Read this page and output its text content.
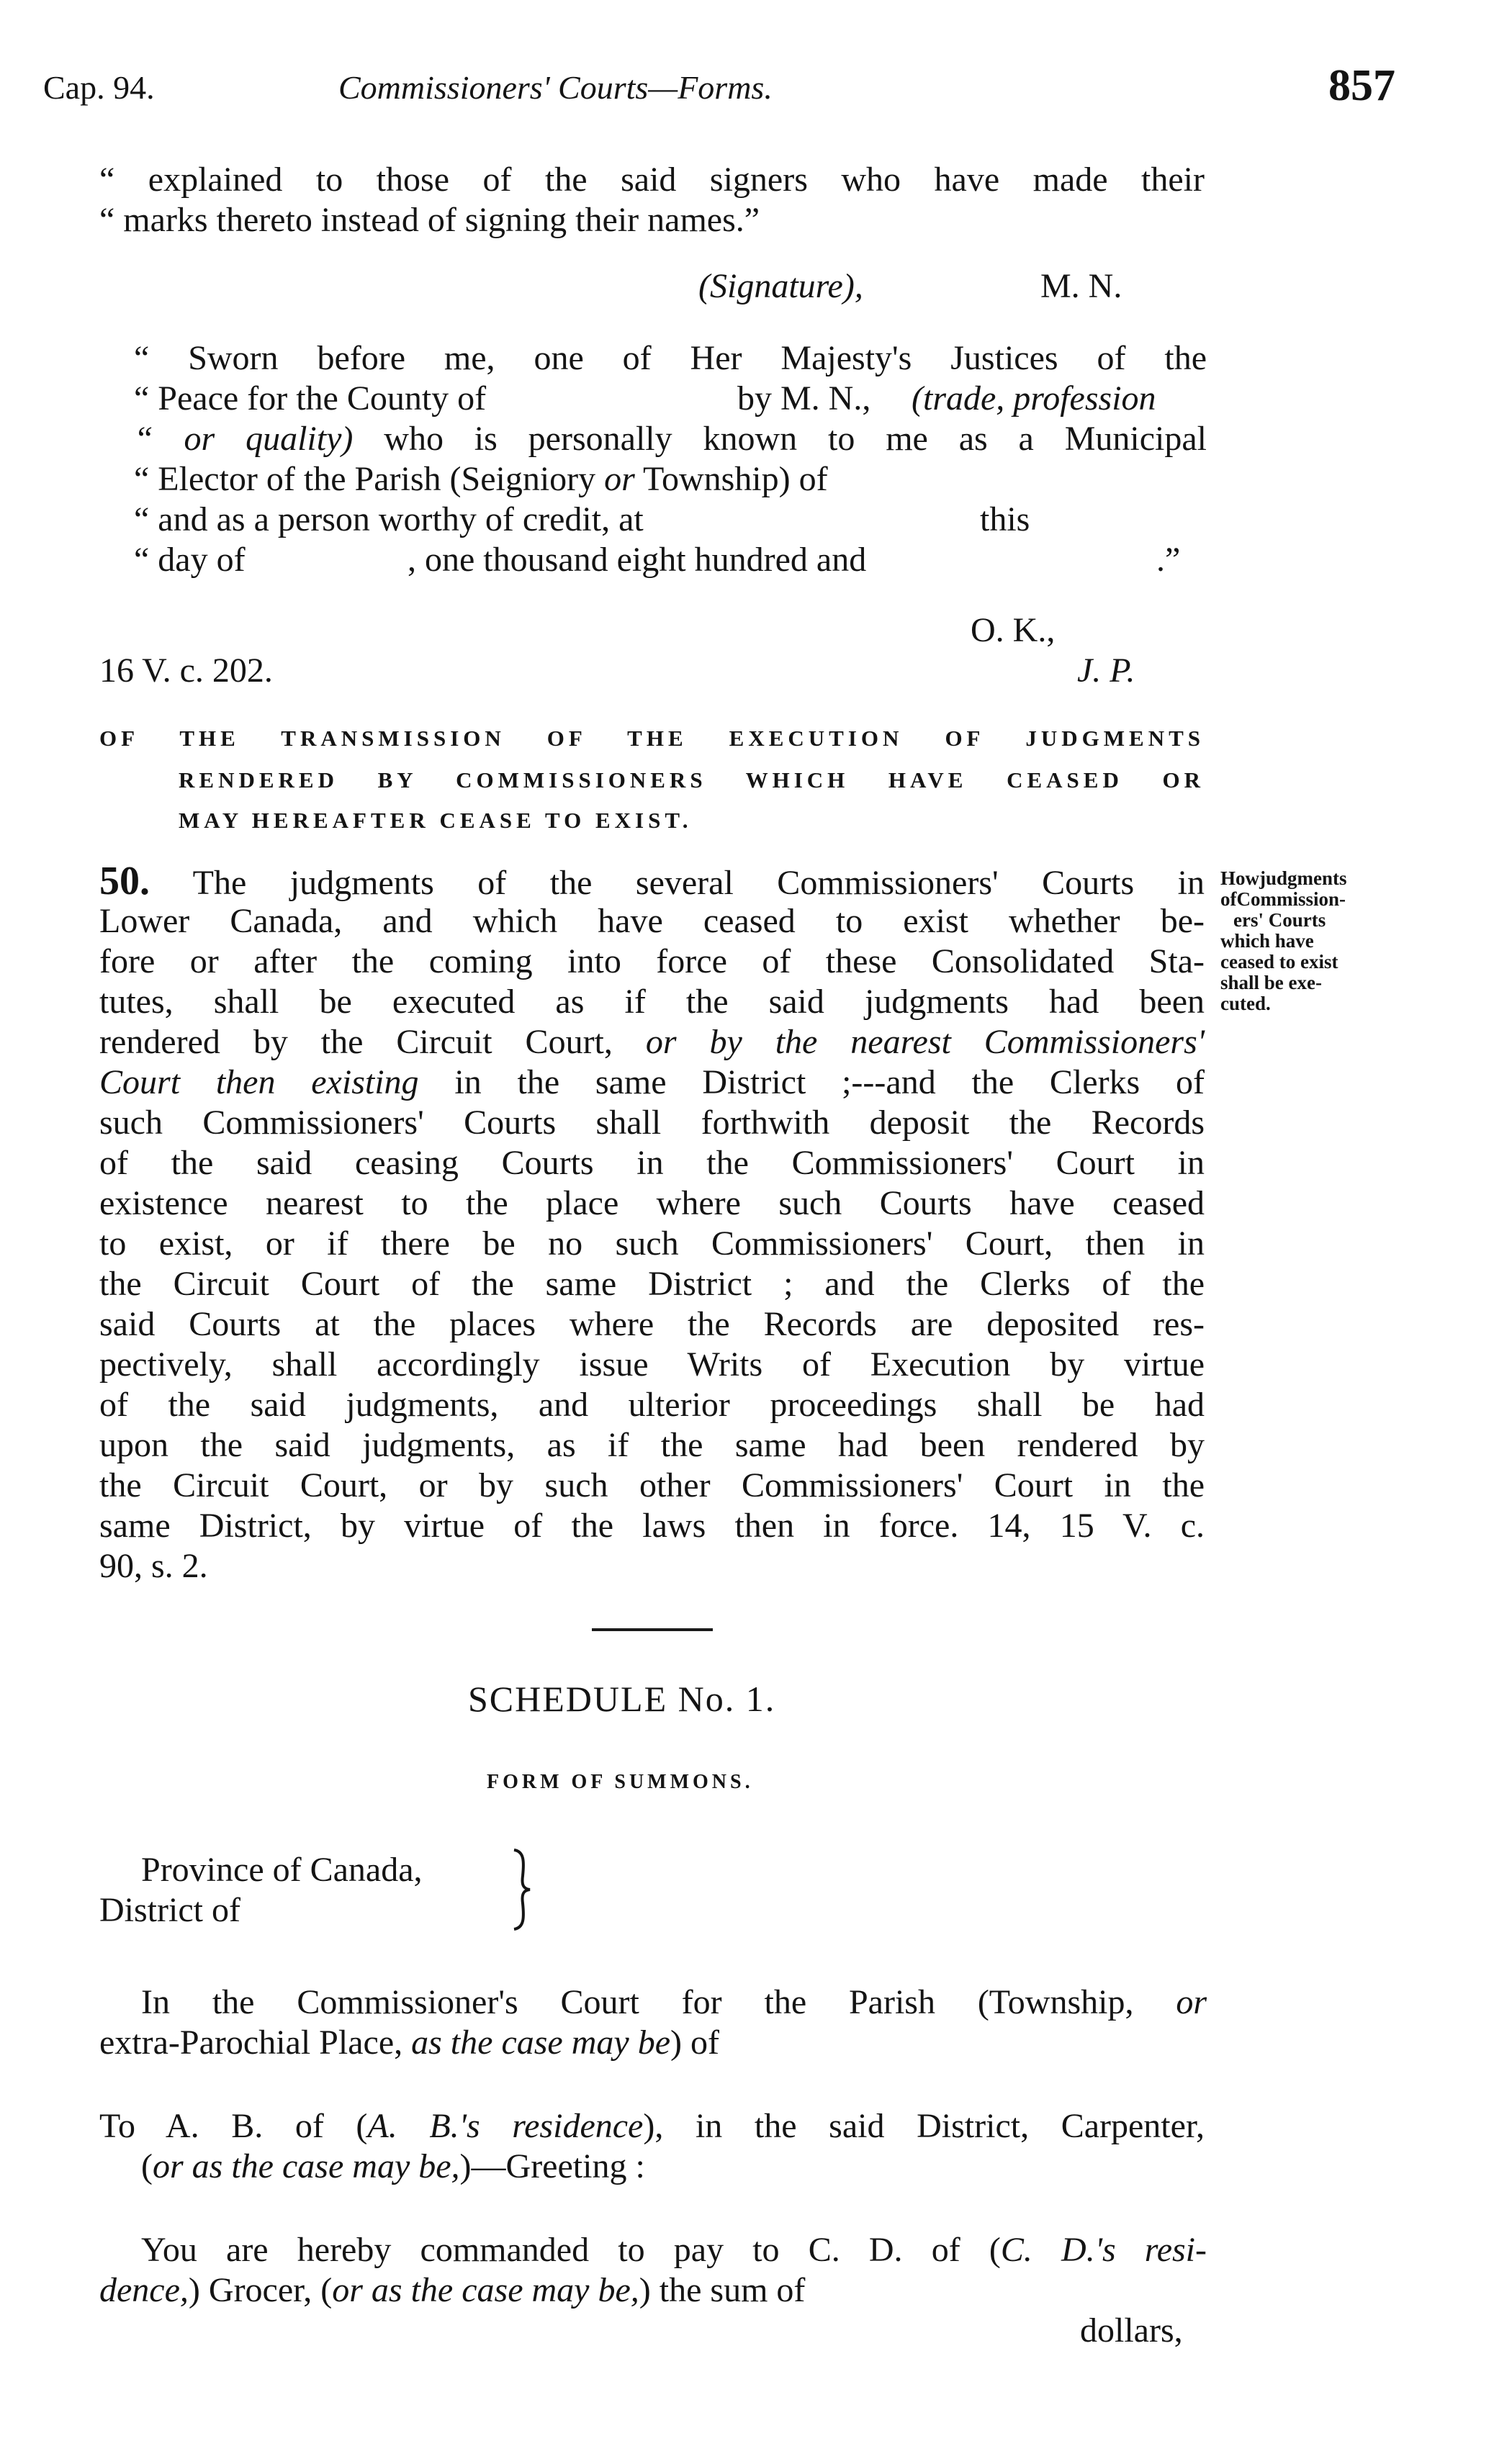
Cap. 94.	Commissioners' Courts—Forms.	857
“ explained to those of the said signers who have made their
“ marks thereto instead of signing their names.”
(Signature),	M. N.
“ Sworn before me, one of Her Majesty's Justices of the
“ Peace for the County of	by M. N., (trade, profession
“ or quality) who is personally known to me as a Municipal
“ Elector of the Parish (Seigniory or Township) of
“ and as a person worthy of credit, at	this
“ day of	, one thousand eight hundred and	.”
O. K.,
16 V. c. 202.	J. P.
OF THE TRANSMISSION OF THE EXECUTION OF JUDGMENTS
RENDERED BY COMMISSIONERS WHICH HAVE CEASED OR
MAY HEREAFTER CEASE TO EXIST.
50. The judgments of the several Commissioners' Courts in
Lower Canada, and which have ceased to exist whether be-
fore or after the coming into force of these Consolidated Sta-
tutes, shall be executed as if the said judgments had been
rendered by the Circuit Court, or by the nearest Commissioners'
Court then existing in the same District ;---and the Clerks of
such Commissioners' Courts shall forthwith deposit the Records
of the said ceasing Courts in the Commissioners' Court in
existence nearest to the place where such Courts have ceased
to exist, or if there be no such Commissioners' Court, then in
the Circuit Court of the same District ; and the Clerks of the
said Courts at the places where the Records are deposited res-
pectively, shall accordingly issue Writs of Execution by virtue
of the said judgments, and ulterior proceedings shall be had
upon the said judgments, as if the same had been rendered by
the Circuit Court, or by such other Commissioners' Court in the
same District, by virtue of the laws then in force. 14, 15 V. c.
90, s. 2.
Howjudgments
ofCommission-
ers' Courts
which have
ceased to exist
shall be exe-
cuted.
SCHEDULE No. 1.
FORM OF SUMMONS.
Province of Canada,
District of
In the Commissioner's Court for the Parish (Township, or
extra-Parochial Place, as the case may be) of
To A. B. of (A. B.'s residence), in the said District, Carpenter,
(or as the case may be,)—Greeting :
You are hereby commanded to pay to C. D. of (C. D.'s resi-
dence,) Grocer, (or as the case may be,) the sum of
dollars,
